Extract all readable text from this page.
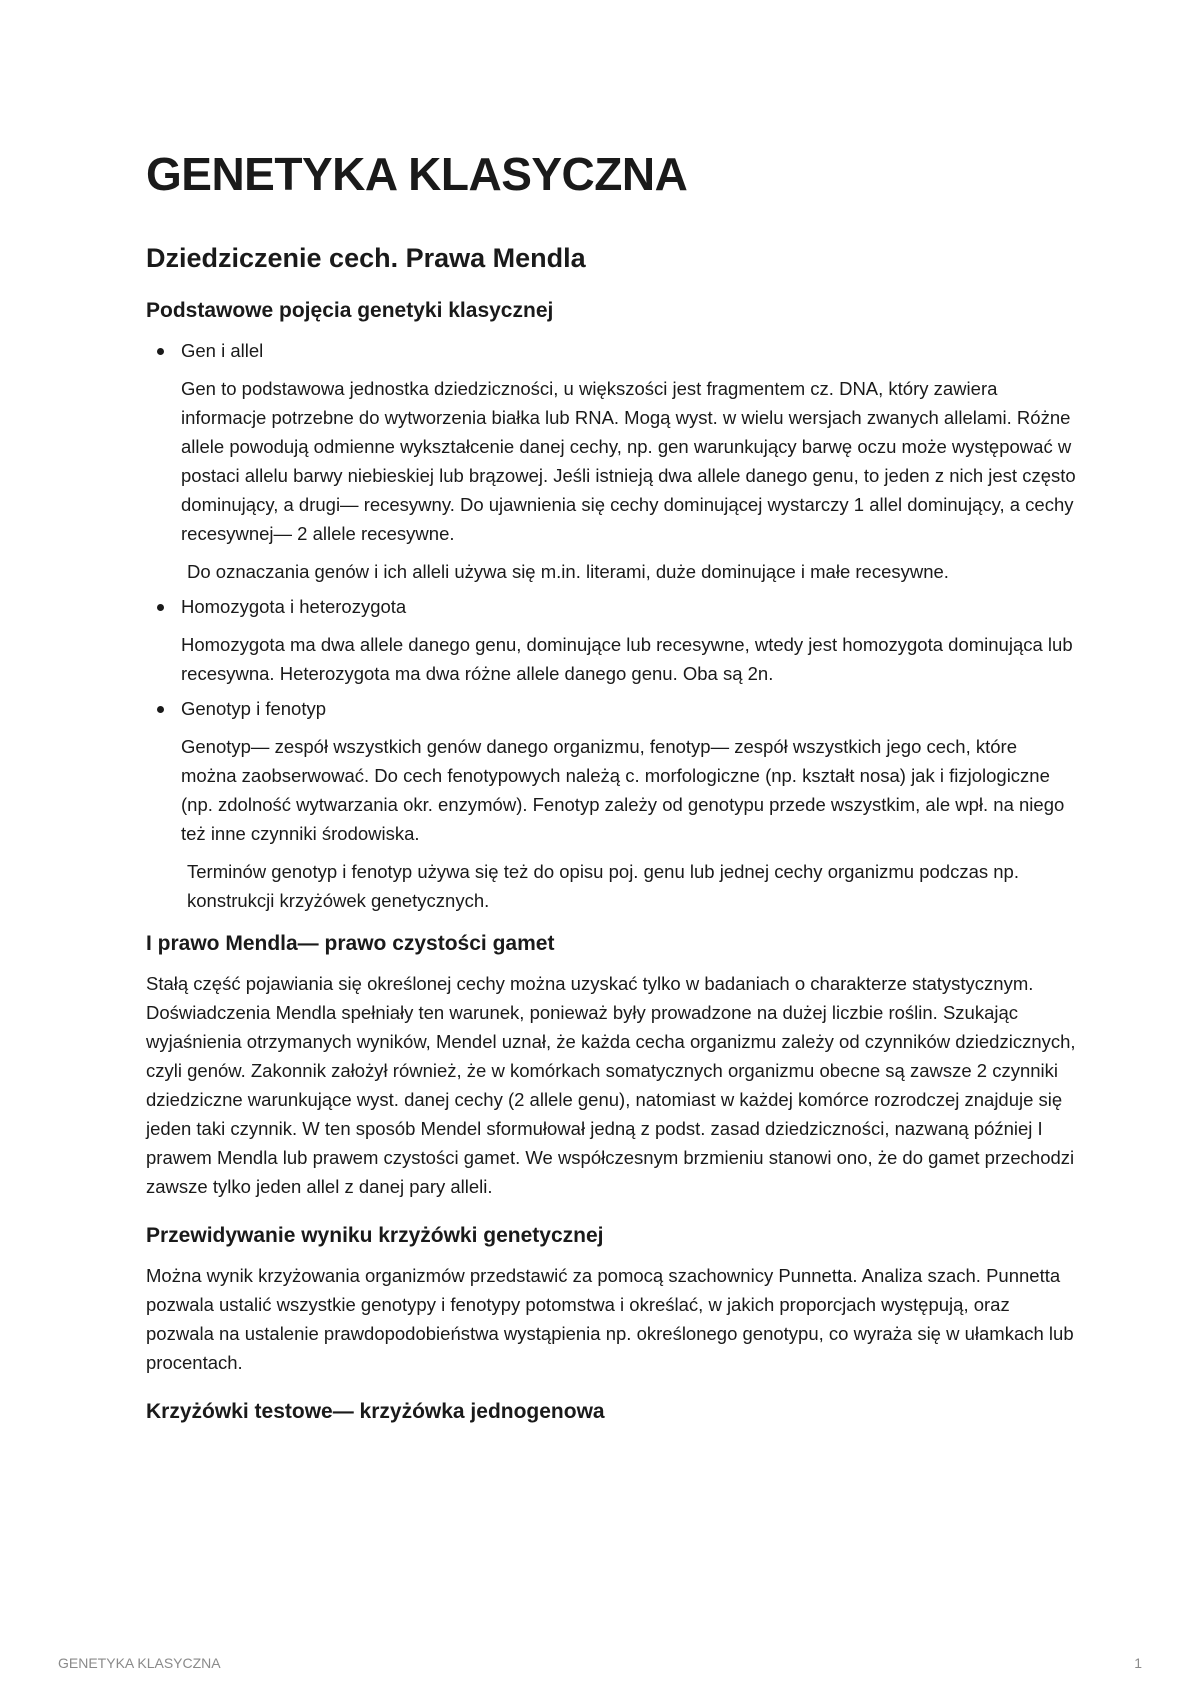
GENETYKA KLASYCZNA
Dziedziczenie cech. Prawa Mendla
Podstawowe pojęcia genetyki klasycznej
Gen i allel

Gen to podstawowa jednostka dziedziczności, u większości jest fragmentem cz. DNA, który zawiera informacje potrzebne do wytworzenia białka lub RNA. Mogą wyst. w wielu wersjach zwanych allelami. Różne allele powodują odmienne wykształcenie danej cechy, np. gen warunkujący barwę oczu może występować w postaci allelu barwy niebieskiej lub brązowej. Jeśli istnieją dwa allele danego genu, to jeden z nich jest często dominujący, a drugi— recesywny. Do ujawnienia się cechy dominującej wystarczy 1 allel dominujący, a cechy recesywnej— 2 allele recesywne.

Do oznaczania genów i ich alleli używa się m.in. literami, duże dominujące i małe recesywne.

Homozygota i heterozygota

Homozygota ma dwa allele danego genu, dominujące lub recesywne, wtedy jest homozygota dominująca lub recesywna. Heterozygota ma dwa różne allele danego genu. Oba są 2n.

Genotyp i fenotyp

Genotyp— zespół wszystkich genów danego organizmu, fenotyp— zespół wszystkich jego cech, które można zaobserwować. Do cech fenotypowych należą c. morfologiczne (np. kształt nosa) jak i fizjologiczne (np. zdolność wytwarzania okr. enzymów). Fenotyp zależy od genotypu przede wszystkim, ale wpł. na niego też inne czynniki środowiska.

Terminów genotyp i fenotyp używa się też do opisu poj. genu lub jednej cechy organizmu podczas np. konstrukcji krzyżówek genetycznych.

I prawo Mendla— prawo czystości gamet

Stałą część pojawiania się określonej cechy można uzyskać tylko w badaniach o charakterze statystycznym. Doświadczenia Mendla spełniały ten warunek, ponieważ były prowadzone na dużej liczbie roślin. Szukając wyjaśnienia otrzymanych wyników, Mendel uznał, że każda cecha organizmu zależy od czynników dziedzicznych, czyli genów. Zakonnik założył również, że w komórkach somatycznych organizmu obecne są zawsze 2 czynniki dziedziczne warunkujące wyst. danej cechy (2 allele genu), natomiast w każdej komórce rozrodczej znajduje się jeden taki czynnik. W ten sposób Mendel sformułował jedną z podst. zasad dziedziczności, nazwaną później I prawem Mendla lub prawem czystości gamet. We współczesnym brzmieniu stanowi ono, że do gamet przechodzi zawsze tylko jeden allel z danej pary alleli.

Przewidywanie wyniku krzyżówki genetycznej

Można wynik krzyżowania organizmów przedstawić za pomocą szachownicy Punnetta. Analiza szach. Punnetta pozwala ustalić wszystkie genotypy i fenotypy potomstwa i określać, w jakich proporcjach występują, oraz pozwala na ustalenie prawdopodobieństwa wystąpienia np. określonego genotypu, co wyraża się w ułamkach lub procentach.

Krzyżówki testowe— krzyżówka jednogenowa
GENETYKA KLASYCZNA	1
